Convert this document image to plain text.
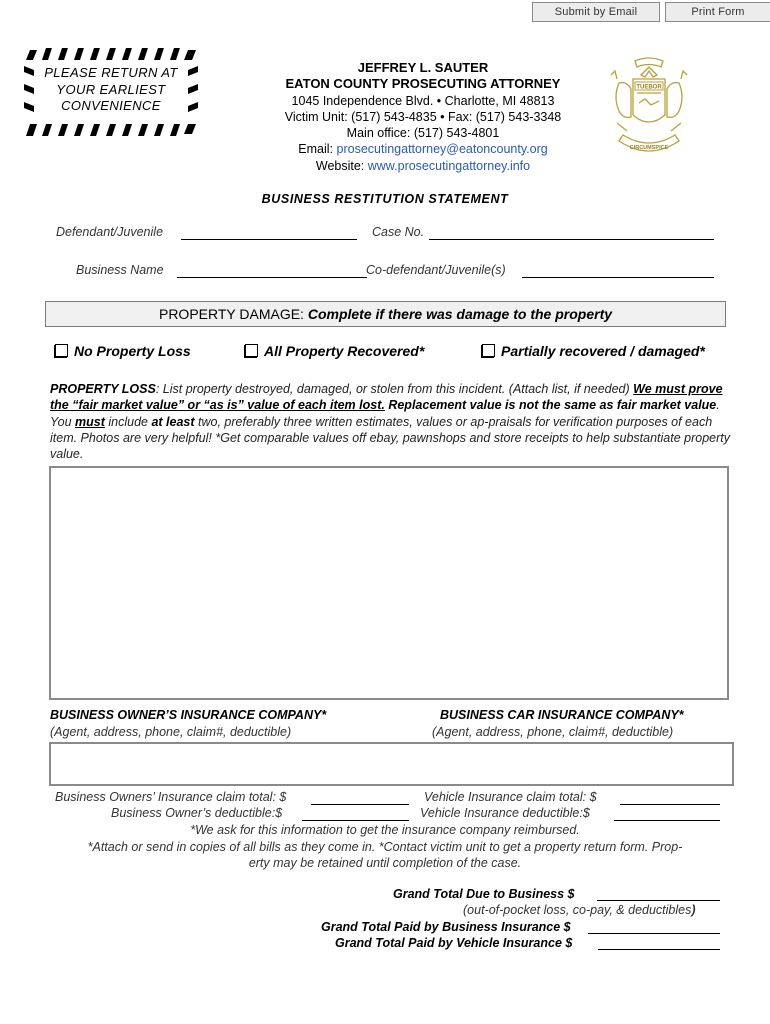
Submit by Email	Print Form
PLEASE RETURN AT
YOUR EARLIEST
CONVENIENCE
JEFFREY L. SAUTER
EATON COUNTY PROSECUTING ATTORNEY
1045 Independence Blvd. • Charlotte, MI 48813
Victim Unit: (517) 543-4835 • Fax: (517) 543-3348
Main office: (517) 543-4801
Email: prosecutingattorney@eatoncounty.org
Website: www.prosecutingattorney.info
TUEBOR
CIRCUMSPICE
BUSINESS RESTITUTION STATEMENT
Defendant/Juvenile	Case No.
Business Name	Co-defendant/Juvenile(s)
PROPERTY DAMAGE: Complete if there was damage to the property
No Property Loss	All Property Recovered*	Partially recovered / damaged*
PROPERTY LOSS: List property destroyed, damaged, or stolen from this incident. (Attach list, if needed) We must prove the “fair market value” or “as is” value of each item lost. Replacement value is not the same as fair market value. You must include at least two, preferably three written estimates, values or ap-praisals for verification purposes of each item. Photos are very helpful! *Get comparable values off ebay, pawnshops and store receipts to help substantiate property value.
BUSINESS OWNER’S INSURANCE COMPANY*
(Agent, address, phone, claim#, deductible)
BUSINESS CAR INSURANCE COMPANY*
(Agent, address, phone, claim#, deductible)
Business Owners’ Insurance claim total: $	Vehicle Insurance claim total: $
Business Owner’s deductible:$	Vehicle Insurance deductible:$
*We ask for this information to get the insurance company reimbursed.
*Attach or send in copies of all bills as they come in. *Contact victim unit to get a property return form. Prop-
erty may be retained until completion of the case.
Grand Total Due to Business $
(out-of-pocket loss, co-pay, & deductibles)
Grand Total Paid by Business Insurance $
Grand Total Paid by Vehicle Insurance $
